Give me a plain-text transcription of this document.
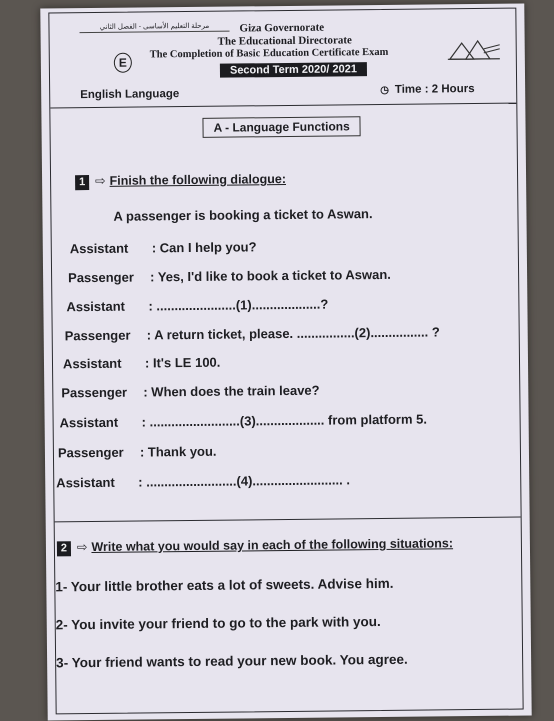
مرحلة التعليم الأساسى - الفصل الثاني	Giza Governorate
The Educational Directorate
The Completion of Basic Education Certificate Exam
Second Term 2020/ 2021
E
English Language	◷ Time : 2 Hours
A - Language Functions
1 ⇨ Finish the following dialogue:
A passenger is booking a ticket to Aswan.
Assistant : Can I help you?
Passenger : Yes, I'd like to book a ticket to Aswan.
Assistant : ......................(1)...................?
Passenger : A return ticket, please. ................(2)................ ?
Assistant : It's LE 100.
Passenger : When does the train leave?
Assistant : .........................(3)................... from platform 5.
Passenger : Thank you.
Assistant : .........................(4)......................... .
2 ⇨ Write what you would say in each of the following situations:
1- Your little brother eats a lot of sweets. Advise him.
2- You invite your friend to go to the park with you.
3- Your friend wants to read your new book. You agree.
